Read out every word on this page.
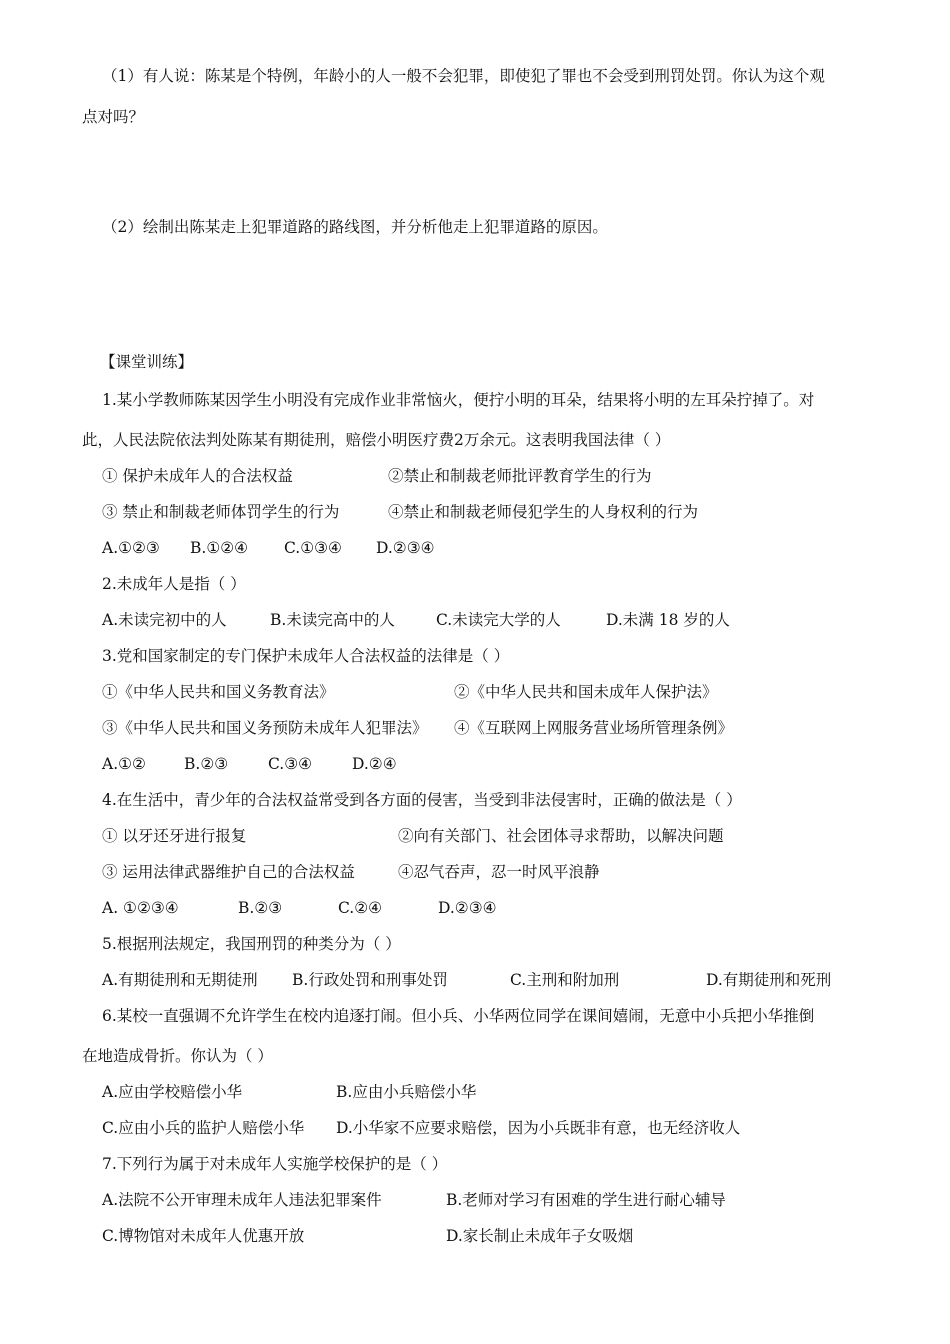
（1）有人说：陈某是个特例，年龄小的人一般不会犯罪，即使犯了罪也不会受到刑罚处罚。你认为这个观
点对吗？
（2）绘制出陈某走上犯罪道路的路线图，并分析他走上犯罪道路的原因。
【课堂训练】
1.某小学教师陈某因学生小明没有完成作业非常恼火，便拧小明的耳朵，结果将小明的左耳朵拧掉了。对
此，人民法院依法判处陈某有期徒刑，赔偿小明医疗费2万余元。这表明我国法律（ ）
① 保护未成年人的合法权益	②禁止和制裁老师批评教育学生的行为
③ 禁止和制裁老师体罚学生的行为	④禁止和制裁老师侵犯学生的人身权利的行为
A.①②③ B.①②④ C.①③④ D.②③④
2.未成年人是指（ ）
A.未读完初中的人	B.未读完高中的人	C.未读完大学的人	D.未满 18 岁的人
3.党和国家制定的专门保护未成年人合法权益的法律是（ ）
①《中华人民共和国义务教育法》	②《中华人民共和国未成年人保护法》
③《中华人民共和国义务预防未成年人犯罪法》 ④《互联网上网服务营业场所管理条例》
A.①② B.②③	C.③④	D.②④
4.在生活中，青少年的合法权益常受到各方面的侵害，当受到非法侵害时，正确的做法是（ ）
① 以牙还牙进行报复	②向有关部门、社会团体寻求帮助，以解决问题
③ 运用法律武器维护自己的合法权益	④忍气吞声，忍一时风平浪静
A. ①②③④	B.②③	C.②④	D.②③④
5.根据刑法规定，我国刑罚的种类分为（ ）
A.有期徒刑和无期徒刑 B.行政处罚和刑事处罚	C.主刑和附加刑	D.有期徒刑和死刑
6.某校一直强调不允许学生在校内追逐打闹。但小兵、小华两位同学在课间嬉闹，无意中小兵把小华推倒
在地造成骨折。你认为（ ）
A.应由学校赔偿小华	B.应由小兵赔偿小华
C.应由小兵的监护人赔偿小华 D.小华家不应要求赔偿，因为小兵既非有意，也无经济收人
7.下列行为属于对未成年人实施学校保护的是（ ）
A.法院不公开审理未成年人违法犯罪案件	B.老师对学习有困难的学生进行耐心辅导
C.博物馆对未成年人优惠开放	D.家长制止未成年子女吸烟
